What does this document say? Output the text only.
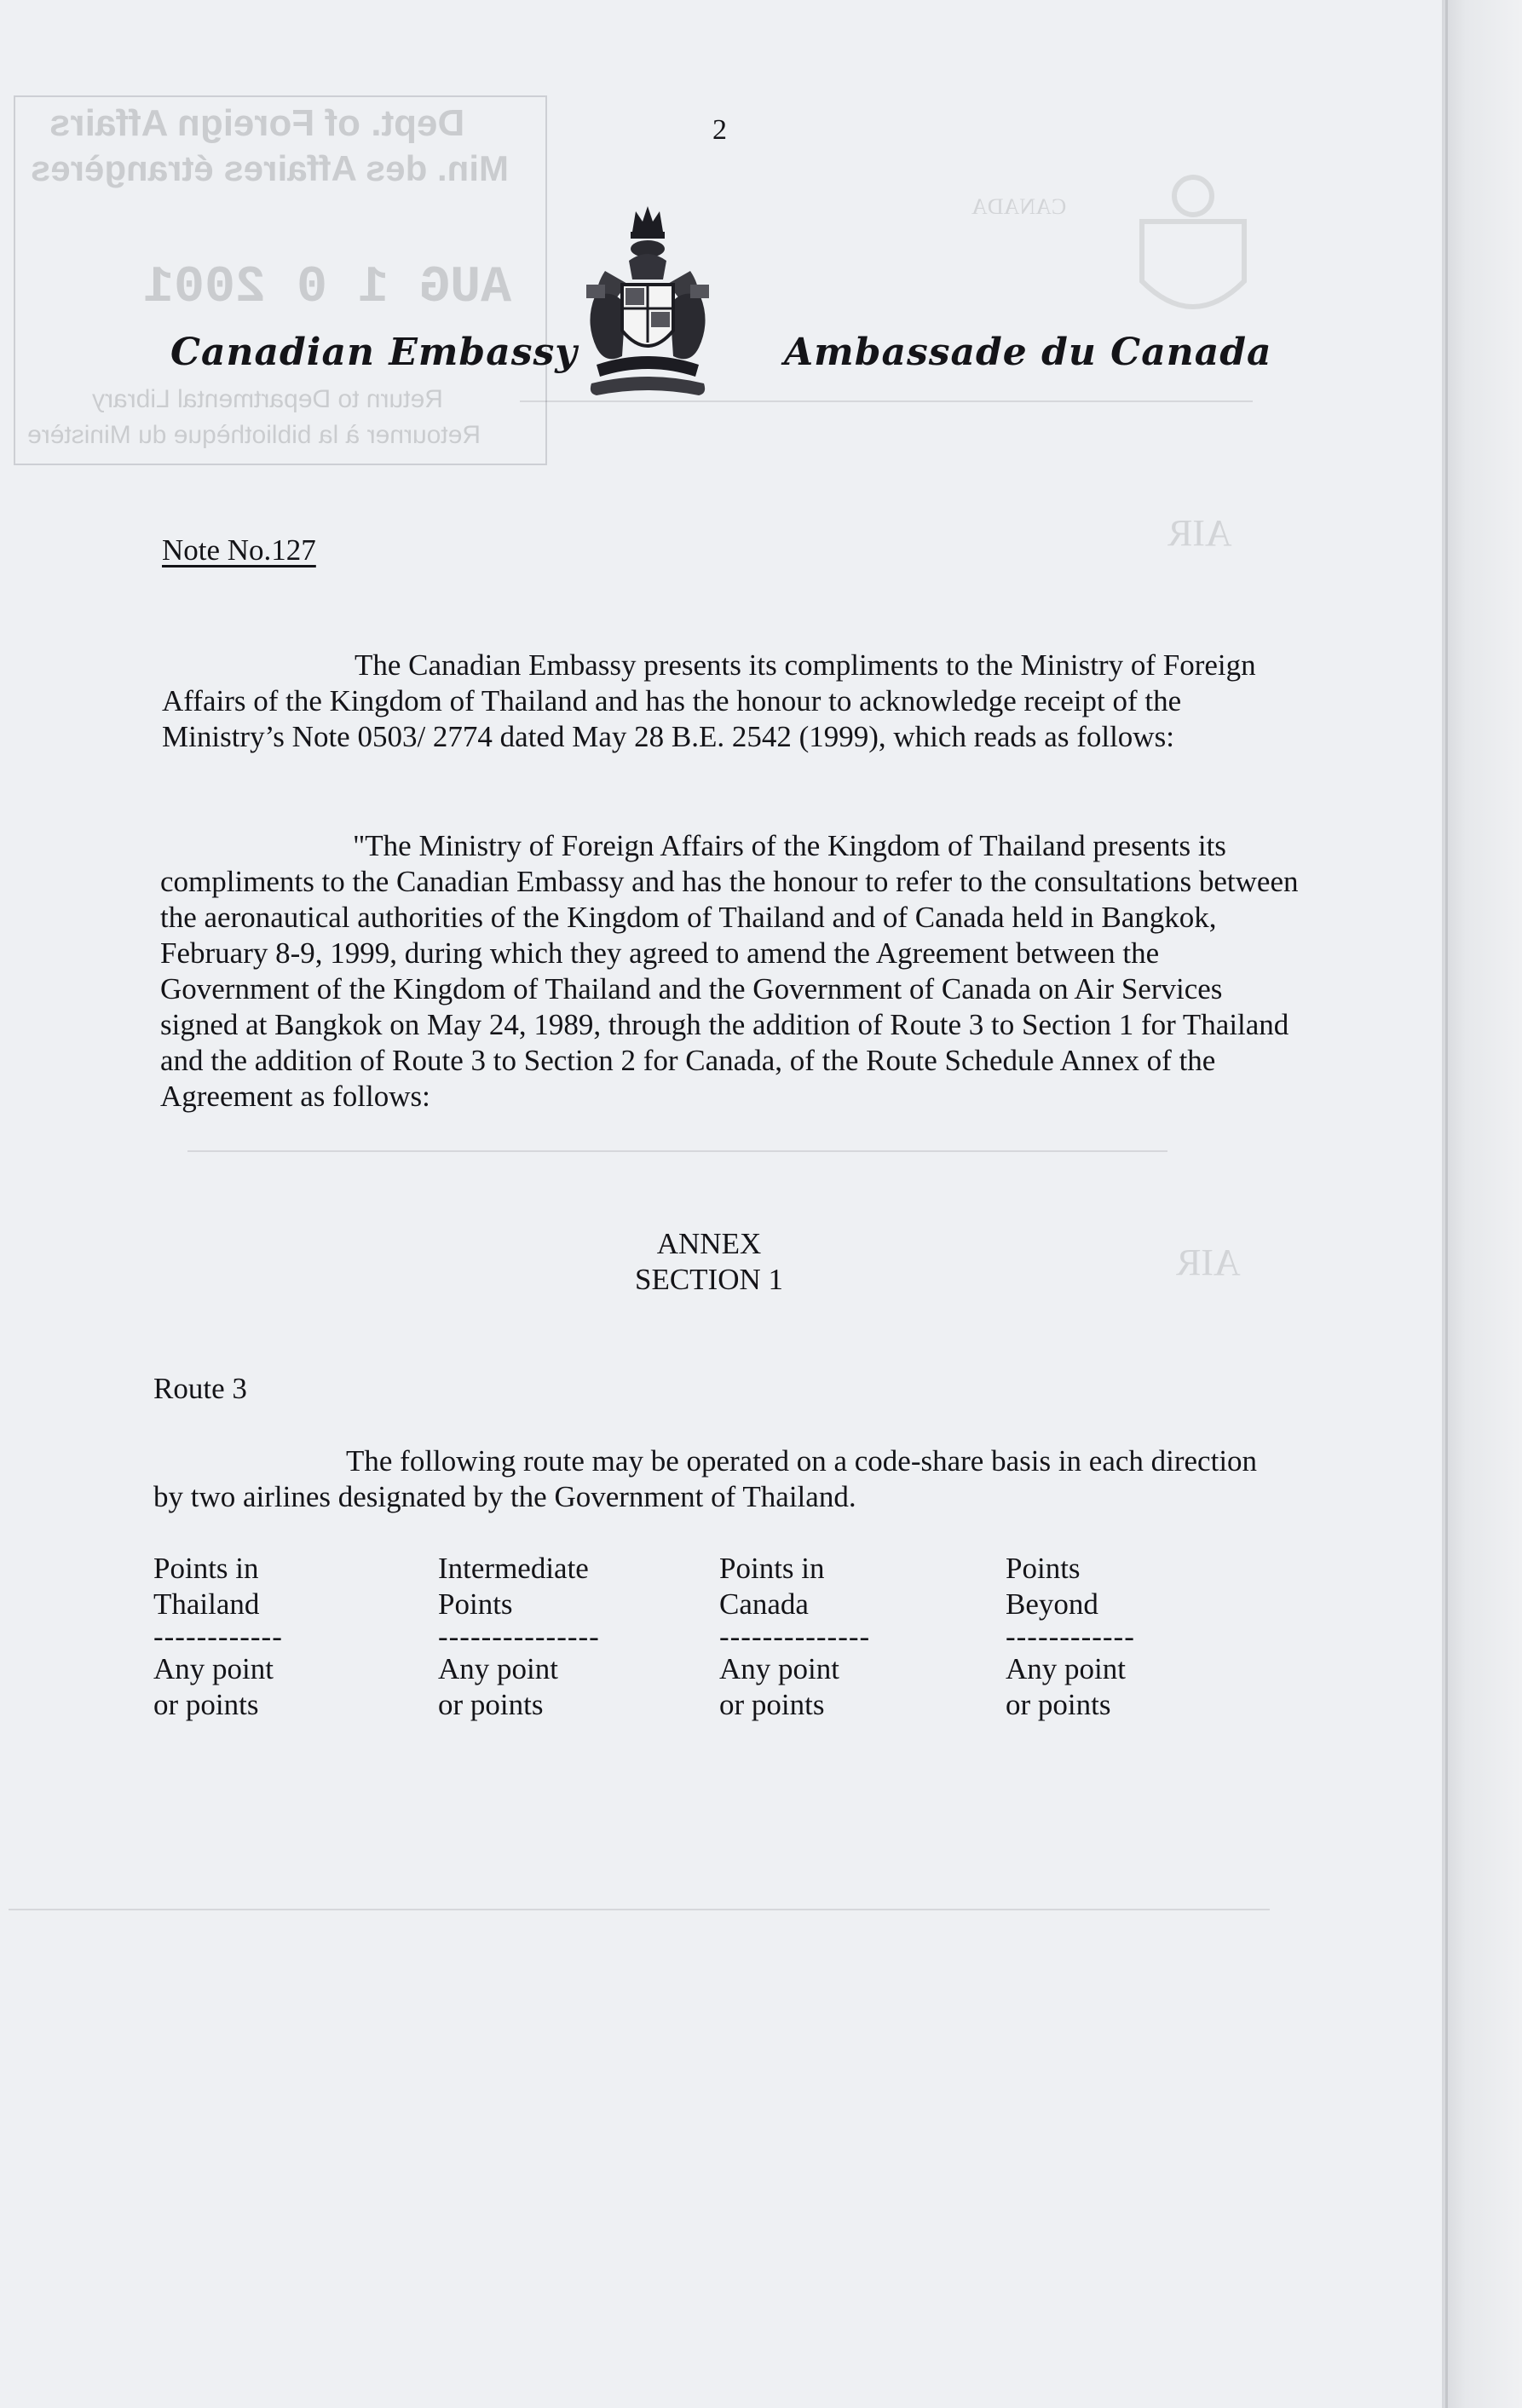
Dept. of Foreign Affairs
Min. des Affaires étrangères
AUG 1 0 2001
Return to Departmental Library
Retourner à la bibliothèque du Ministère
AIR
AIR
CANADA
2
Canadian Embassy	Ambassade du Canada
Note No.127
The Canadian Embassy presents its compliments to the Ministry of Foreign Affairs of the Kingdom of Thailand and has the honour to acknowledge receipt of the Ministry’s Note 0503/ 2774 dated May 28 B.E. 2542 (1999), which reads as follows:
"The Ministry of Foreign Affairs of the Kingdom of Thailand presents its compliments to the Canadian Embassy and has the honour to refer to the consultations between the aeronautical authorities of the Kingdom of Thailand and of Canada held in Bangkok, February 8-9, 1999, during which they agreed to amend the Agreement between the Government of the Kingdom of Thailand and the Government of Canada on Air Services signed at Bangkok on May 24, 1989, through the addition of Route 3 to Section 1 for Thailand and the addition of Route 3 to Section 2 for Canada, of the Route Schedule Annex of the Agreement as follows:
ANNEX
SECTION 1
Route 3
The following route may be operated on a code-share basis in each direction by two airlines designated by the Government of Thailand.
Points in
Thailand
------------
Any point
or points
Intermediate
Points
---------------
Any point
or points
Points in
Canada
--------------
Any point
or points
Points
Beyond
------------
Any point
or points
